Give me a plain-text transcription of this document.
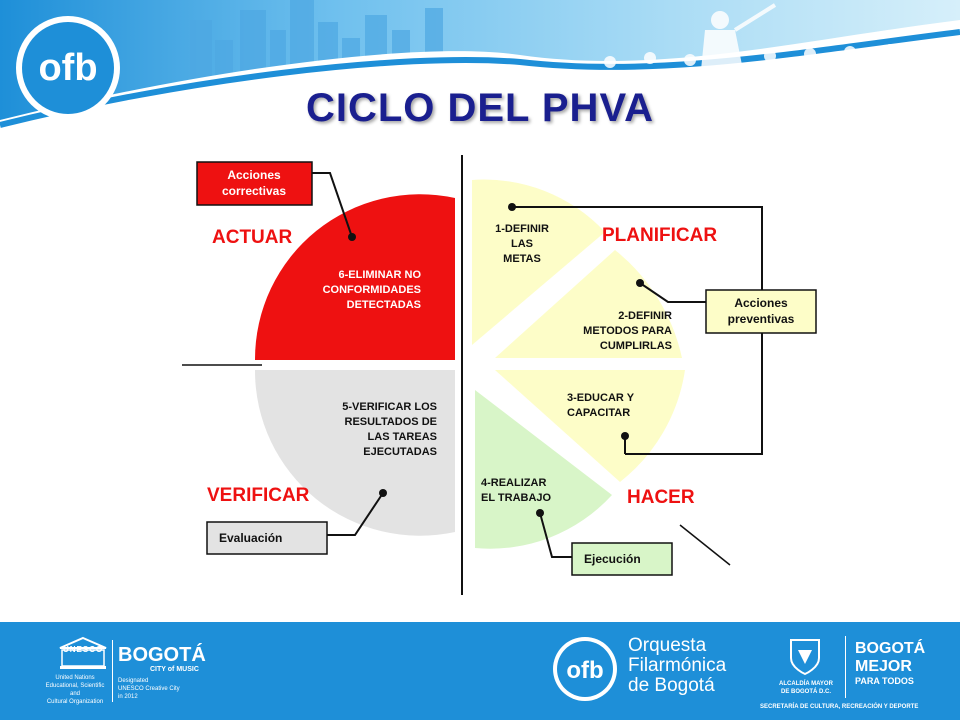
ofb
CICLO DEL PHVA
Acciones
correctivas
Acciones
preventivas
Evaluación
Ejecución
ACTUAR	PLANIFICAR
HACER
VERIFICAR
1-DEFINIR
LAS
METAS
2-DEFINIR
METODOS PARA
CUMPLIRLAS
3-EDUCAR Y
CAPACITAR
4-REALIZAR
EL TRABAJO
5-VERIFICAR LOS
RESULTADOS DE
LAS TAREAS
EJECUTADAS
6-ELIMINAR NO
CONFORMIDADES
DETECTADAS
UNESCO
United Nations
Educational, Scientific and
Cultural Organization
BOGOTÁ
CITY of MUSIC
Designated
UNESCO Creative City
in 2012
ofb
Orquesta
Filarmónica
de Bogotá	ALCALDÍA MAYOR
DE BOGOTÁ D.C.
BOGOTÁ
MEJOR
PARA TODOS
SECRETARÍA DE CULTURA, RECREACIÓN Y DEPORTE
